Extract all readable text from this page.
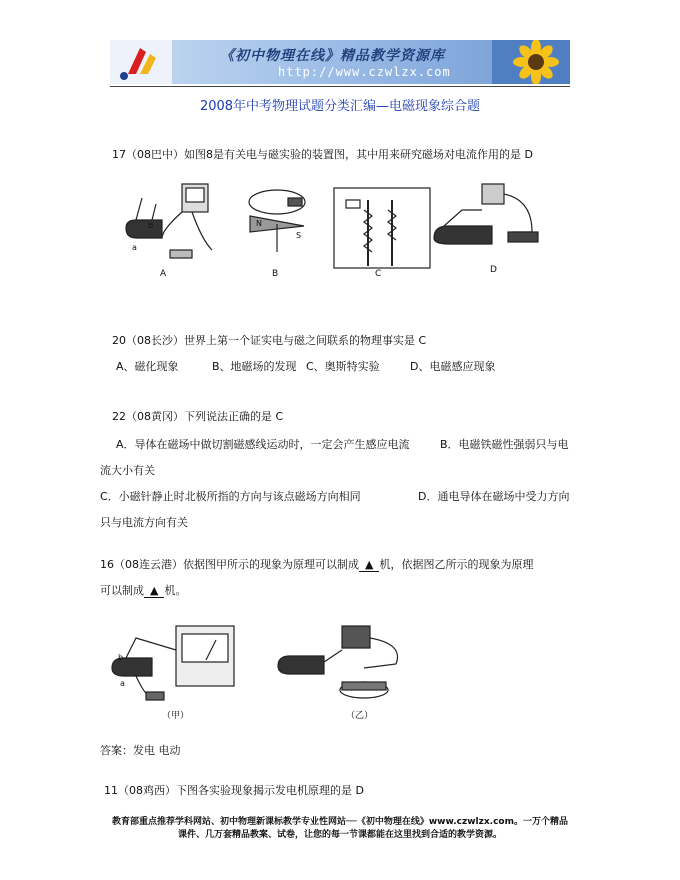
《初中物理在线》精品教学资源库
http://www.czwlzx.com
2008年中考物理试题分类汇编—电磁现象综合题
17（08巴中）如图8是有关电与磁实验的装置图，其中用来研究磁场对电流作用的是 D
A	B	C	D
b
a
N
S
20（08长沙）世界上第一个证实电与磁之间联系的物理事实是 C
A、磁化现象	B、地磁场的发现 C、奥斯特实验	D、电磁感应现象
22（08黄冈）下列说法正确的是 C
A．导体在磁场中做切割磁感线运动时，一定会产生感应电流	B．电磁铁磁性强弱只与电
流大小有关
C．小磁针静止时北极所指的方向与该点磁场方向相同	D．通电导体在磁场中受力方向
只与电流方向有关
16（08连云港）依据图甲所示的现象为原理可以制成 ▲ 机，依据图乙所示的现象为原理
可以制成 ▲ 机。
b
a
（甲）	（乙）
答案：发电 电动
11（08鸡西）下图各实验现象揭示发电机原理的是 D
教育部重点推荐学科网站、初中物理新课标教学专业性网站──《初中物理在线》www.czwlzx.com。一万个精品
课件、几万套精品教案、试卷，让您的每一节课都能在这里找到合适的教学资源。
